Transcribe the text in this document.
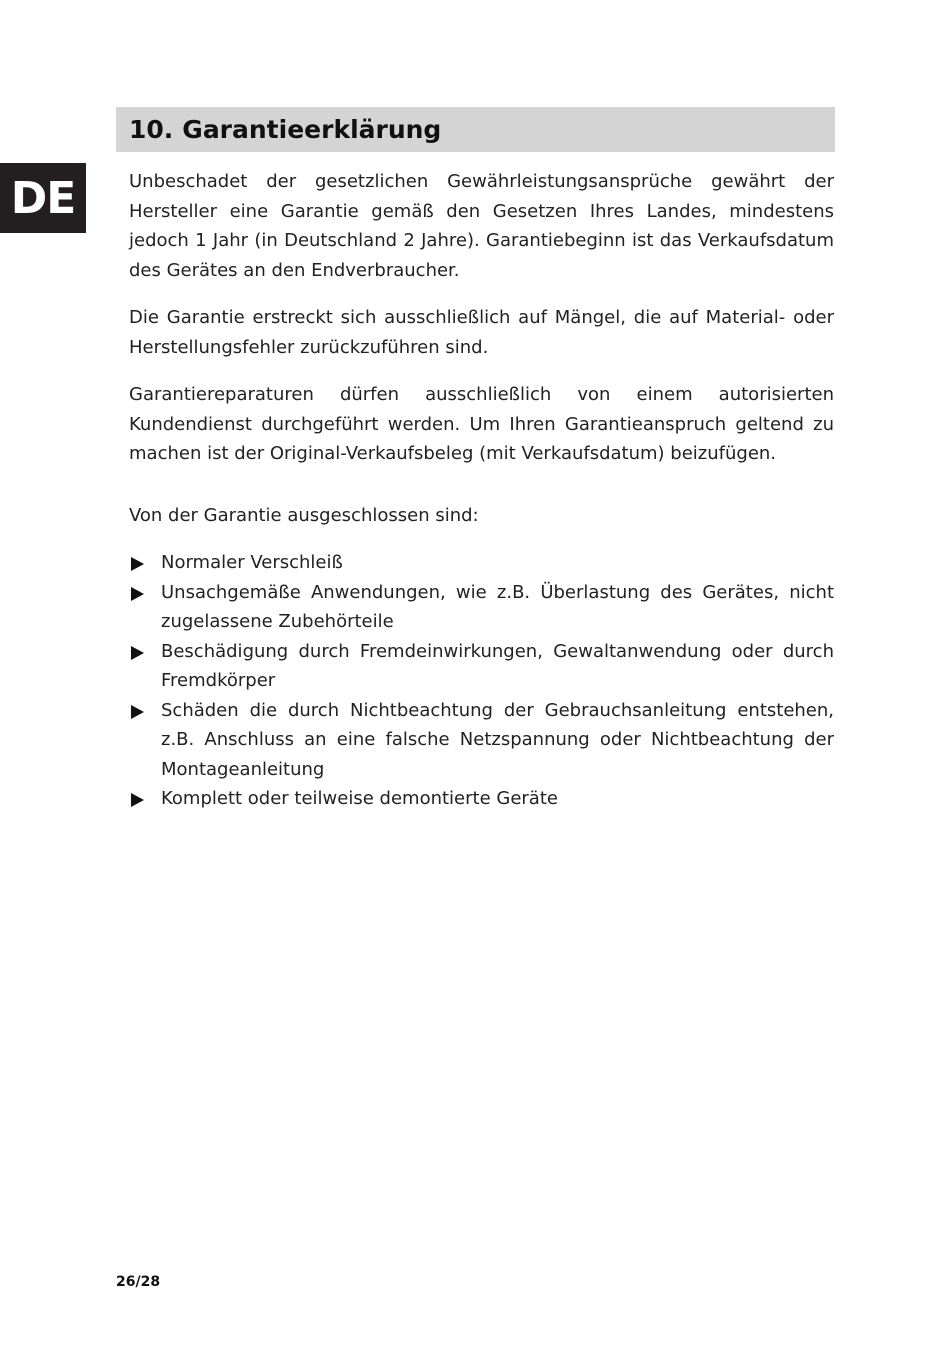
DE
10. Garantieerklärung

Unbeschadet der gesetzlichen Gewährleistungsansprüche gewährt der Hersteller eine Garantie gemäß den Gesetzen Ihres Landes, mindestens jedoch 1 Jahr (in Deutschland 2 Jahre). Garantiebeginn ist das Verkaufsdatum des Gerätes an den Endverbraucher.

Die Garantie erstreckt sich ausschließlich auf Mängel, die auf Material- oder Herstellungsfehler zurückzuführen sind.

Garantiereparaturen dürfen ausschließlich von einem autorisierten Kundendienst durchgeführt werden. Um Ihren Garantieanspruch geltend zu machen ist der Original-Verkaufsbeleg (mit Verkaufsdatum) beizufügen.

Von der Garantie ausgeschlossen sind:

Normaler Verschleiß
Unsachgemäße Anwendungen, wie z.B. Überlastung des Gerätes, nicht zugelassene Zubehörteile
Beschädigung durch Fremdeinwirkungen, Gewaltanwendung oder durch Fremdkörper
Schäden die durch Nichtbeachtung der Gebrauchsanleitung entstehen, z.B. Anschluss an eine falsche Netzspannung oder Nichtbeachtung der Montageanleitung
Komplett oder teilweise demontierte Geräte
26/28
